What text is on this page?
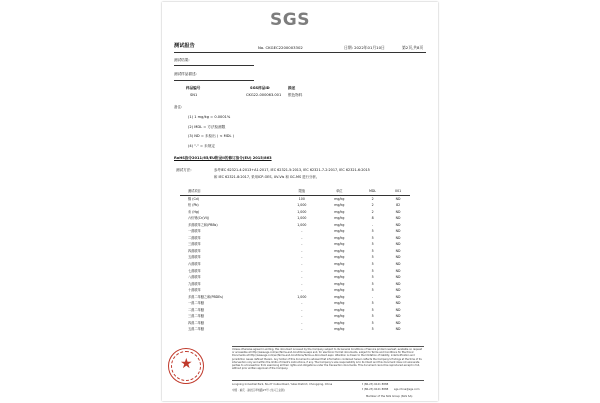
SGS
测试报告	No. CKGEC2200003302	日期: 2022年01月10日	第2页,共8页
测试结果:
测试样品描述:
样品编号	SGS样品ID	描述
SN1	CKG22-000063.001 银色物料
备注:
(1) 1 mg/kg = 0.0001%
(2) MDL = 方法检测限
(3) ND = 未检出 ( < MDL )
(4) "-" = 未规定
RoHS指令2011/65/EU附录II的修订指令(EU) 2015/863
测试方法:	参考IEC 62321-4:2013+A1:2017, IEC 62321-5:2013, IEC 62321-7-2:2017, IEC 62321-6:2015
和 IEC 62321-8:2017, 采用ICP-OES, UV-Vis 和 GC-MS 进行分析。
测试项目	限值	单位	MDL	001
镉 (Cd)	100	mg/kg	2	ND
铅 (Pb)	1,000	mg/kg	2	82
汞 (Hg)	1,000	mg/kg	2	ND
六价铬(Cr(VI))	1,000	mg/kg	8	ND
多溴联苯之和(PBBs)	1,000	mg/kg	-	ND
一溴联苯	-	mg/kg	5	ND
二溴联苯	-	mg/kg	5	ND
三溴联苯	-	mg/kg	5	ND
四溴联苯	-	mg/kg	5	ND
五溴联苯	-	mg/kg	5	ND
六溴联苯	-	mg/kg	5	ND
七溴联苯	-	mg/kg	5	ND
八溴联苯	-	mg/kg	5	ND
九溴联苯	-	mg/kg	5	ND
十溴联苯	-	mg/kg	5	ND
多溴二苯醚之和(PBDEs)	1,000	mg/kg	-	ND
一溴二苯醚	-	mg/kg	5	ND
二溴二苯醚	-	mg/kg	5	ND
三溴二苯醚	-	mg/kg	5	ND
四溴二苯醚	-	mg/kg	5	ND
五溴二苯醚	-	mg/kg	5	ND
★
Unless otherwise agreed in writing, this document is issued by the Company subject to its General Conditions of Service printed overleaf, available on request or accessible at http://www.sgs.com/en/Terms-and-Conditions.aspx and, for electronic format documents, subject to Terms and Conditions for Electronic Documents at http://www.sgs.com/en/Terms-and-Conditions/Terms-e-Document.aspx. Attention is drawn to the limitation of liability, indemnification and jurisdiction issues defined therein. Any holder of this document is advised that information contained hereon reflects the Company's findings at the time of its intervention only and within the limits of Client's instructions, if any. The Company's sole responsibility is to its Client and this document does not exonerate parties to a transaction from exercising all their rights and obligations under the transaction documents. This document cannot be reproduced except in full, without prior written approval of the Company.
Longxing Industrial Park, No.27 Cuibai Road, Yubei District, Chongqing, China	t (86-23) 6121 8888
中国 · 重庆 · 渝北区翠柏路27号 (龙兴工业园)	t (86-23) 6121 8888 sgs.china@sgs.com
Member of the SGS Group (SGS SA)
